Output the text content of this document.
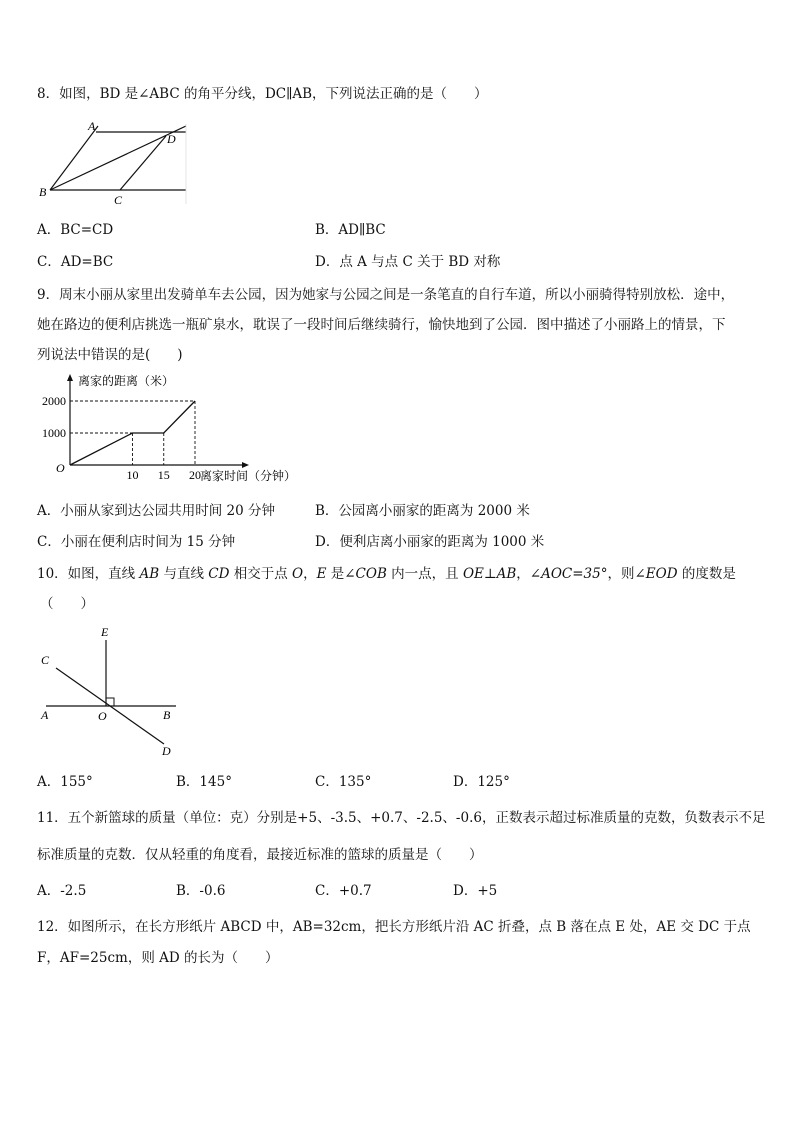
8．如图，BD 是∠ABC 的角平分线，DC∥AB，下列说法正确的是（　　）
A
B
C
D
A．BC=CD	B．AD∥BC
C．AD=BC	D．点 A 与点 C 关于 BD 对称
9．周末小丽从家里出发骑单车去公园，因为她家与公园之间是一条笔直的自行车道，所以小丽骑得特别放松．途中，
她在路边的便利店挑选一瓶矿泉水，耽误了一段时间后继续骑行，愉快地到了公园．图中描述了小丽路上的情景，下
列说法中错误的是(　　)
10 15 20
1000
2000
离家的距离（米）
离家时间（分钟）
O
A．小丽从家到达公园共用时间 20 分钟	B．公园离小丽家的距离为 2000 米
C．小丽在便利店时间为 15 分钟	D．便利店离小丽家的距离为 1000 米
10．如图，直线 AB 与直线 CD 相交于点 O，E 是∠COB 内一点，且 OE⊥AB，∠AOC=35°，则∠EOD 的度数是
（　　）
E
C
A	O	B
D
A．155°	B．145°	C．135°	D．125°
11．五个新篮球的质量（单位：克）分别是+5、-3.5、+0.7、-2.5、-0.6，正数表示超过标准质量的克数，负数表示不足
标准质量的克数．仅从轻重的角度看，最接近标准的篮球的质量是（　　）
A．-2.5	B．-0.6	C．+0.7	D．+5
12．如图所示，在长方形纸片 ABCD 中，AB=32cm，把长方形纸片沿 AC 折叠，点 B 落在点 E 处，AE 交 DC 于点
F，AF=25cm，则 AD 的长为（　　）
